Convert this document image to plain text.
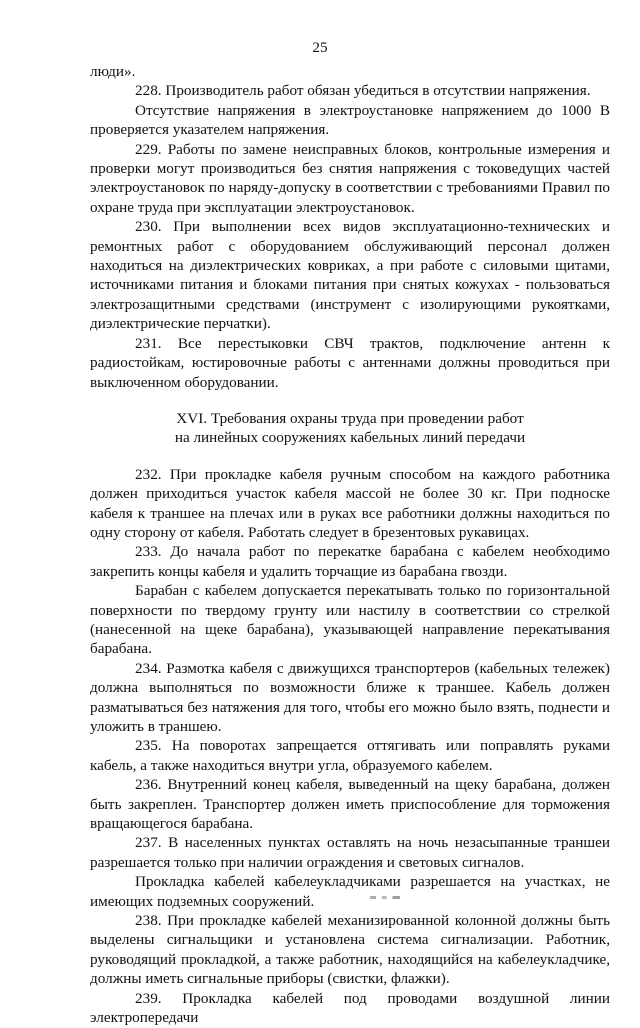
25

люди».

228. Производитель работ обязан убедиться в отсутствии напряжения.

Отсутствие напряжения в электроустановке напряжением до 1000 В проверяется указателем напряжения.

229. Работы по замене неисправных блоков, контрольные измерения и проверки могут производиться без снятия напряжения с токоведущих частей электроустановок по наряду-допуску в соответствии с требованиями Правил по охране труда при эксплуатации электроустановок.

230. При выполнении всех видов эксплуатационно-технических и ремонтных работ с оборудованием обслуживающий персонал должен находиться на диэлектрических ковриках, а при работе с силовыми щитами, источниками питания и блоками питания при снятых кожухах - пользоваться электрозащитными средствами (инструмент с изолирующими рукоятками, диэлектрические перчатки).

231. Все перестыковки СВЧ трактов, подключение антенн к радиостойкам, юстировочные работы с антеннами должны проводиться при выключенном оборудовании.

XVI. Требования охраны труда при проведении работ
на линейных сооружениях кабельных линий передачи

232. При прокладке кабеля ручным способом на каждого работника должен приходиться участок кабеля массой не более 30 кг. При подноске кабеля к траншее на плечах или в руках все работники должны находиться по одну сторону от кабеля. Работать следует в брезентовых рукавицах.

233. До начала работ по перекатке барабана с кабелем необходимо закрепить концы кабеля и удалить торчащие из барабана гвозди.

Барабан с кабелем допускается перекатывать только по горизонтальной поверхности по твердому грунту или настилу в соответствии со стрелкой (нанесенной на щеке барабана), указывающей направление перекатывания барабана.

234. Размотка кабеля с движущихся транспортеров (кабельных тележек) должна выполняться по возможности ближе к траншее. Кабель должен разматываться без натяжения для того, чтобы его можно было взять, поднести и уложить в траншею.

235. На поворотах запрещается оттягивать или поправлять руками кабель, а также находиться внутри угла, образуемого кабелем.

236. Внутренний конец кабеля, выведенный на щеку барабана, должен быть закреплен. Транспортер должен иметь приспособление для торможения вращающегося барабана.

237. В населенных пунктах оставлять на ночь незасыпанные траншеи разрешается только при наличии ограждения и световых сигналов.

Прокладка кабелей кабелеукладчиками разрешается на участках, не имеющих подземных сооружений.

238. При прокладке кабелей механизированной колонной должны быть выделены сигнальщики и установлена система сигнализации. Работник, руководящий прокладкой, а также работник, находящийся на кабелеукладчике, должны иметь сигнальные приборы (свистки, флажки).

239. Прокладка кабелей под проводами воздушной линии электропередачи
